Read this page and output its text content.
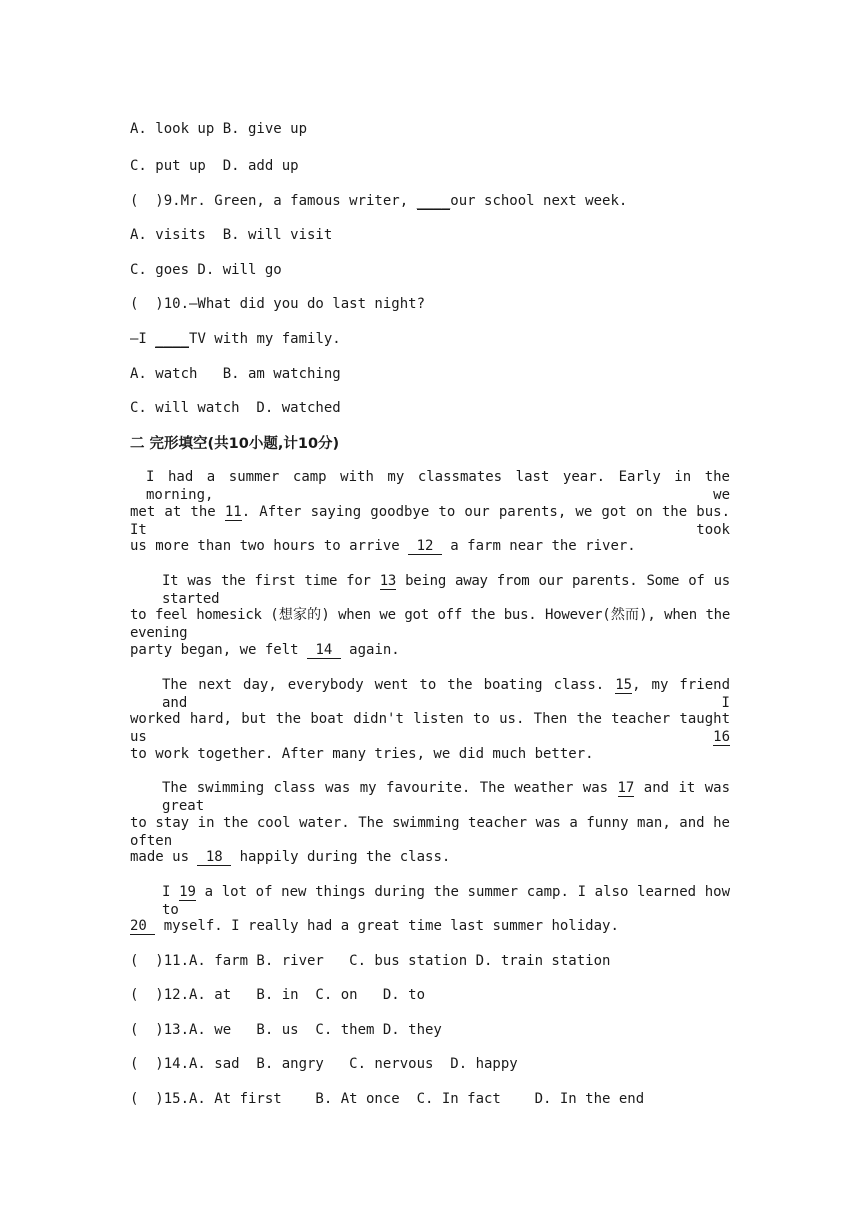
A. look up B. give up
C. put up  D. add up
(  )9.Mr. Green, a famous writer, ____our school next week.
A. visits  B. will visit
C. goes D. will go
(  )10.—What did you do last night?
—I ____TV with my family.
A. watch   B. am watching
C. will watch  D. watched
二 完形填空(共10小题,计10分)
I had a summer camp with my classmates last year. Early in the morning, we
met at the 11. After saying goodbye to our parents, we got on the bus. It took
us more than two hours to arrive  12  a farm near the river.
It was the first time for 13 being away from our parents. Some of us started
to feel homesick (想家的) when we got off the bus. However(然而), when the evening
party began, we felt  14  again.
The next day, everybody went to the boating class. 15, my friend and I
worked hard, but the boat didn't listen to us. Then the teacher taught us 16
to work together. After many tries, we did much better.
The swimming class was my favourite. The weather was 17 and it was great
to stay in the cool water. The swimming teacher was a funny man, and he often
made us  18  happily during the class.
I 19 a lot of new things during the summer camp. I also learned how to
20  myself. I really had a great time last summer holiday.
(  )11.A. farm B. river   C. bus station D. train station
(  )12.A. at   B. in  C. on   D. to
(  )13.A. we   B. us  C. them D. they
(  )14.A. sad  B. angry   C. nervous  D. happy
(  )15.A. At first    B. At once  C. In fact    D. In the end
